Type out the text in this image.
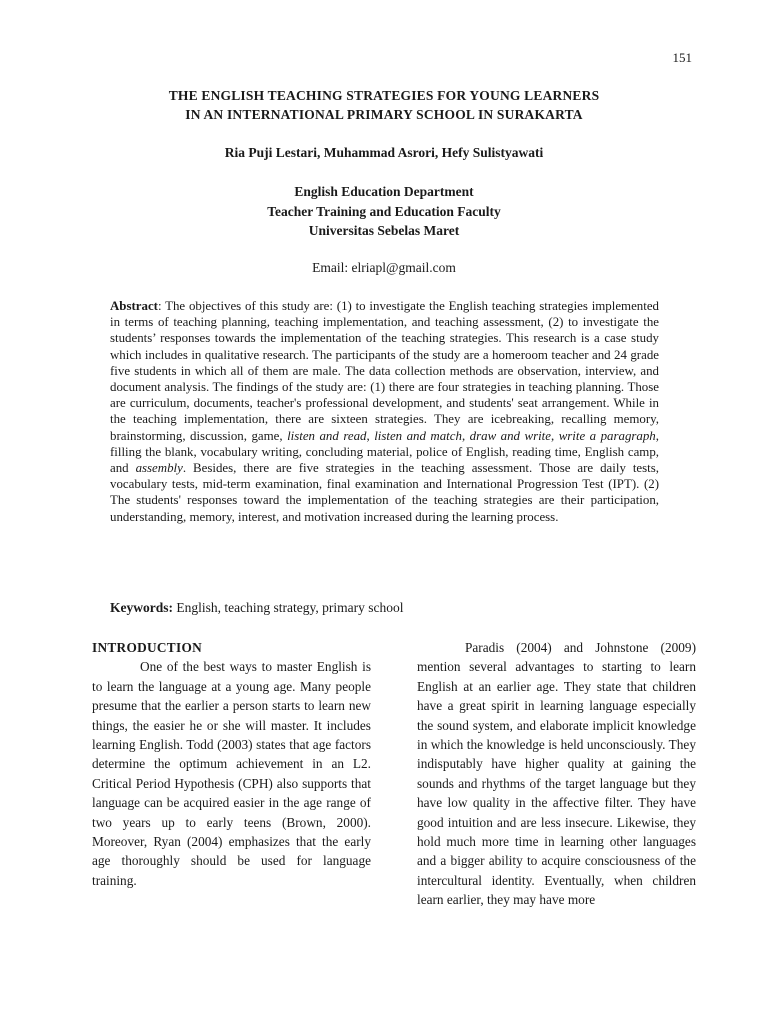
151
THE ENGLISH TEACHING STRATEGIES FOR YOUNG LEARNERS
IN AN INTERNATIONAL PRIMARY SCHOOL IN SURAKARTA
Ria Puji Lestari, Muhammad Asrori, Hefy Sulistyawati
English Education Department
Teacher Training and Education Faculty
Universitas Sebelas Maret
Email: elriapl@gmail.com
Abstract: The objectives of this study are: (1) to investigate the English teaching strategies implemented in terms of teaching planning, teaching implementation, and teaching assessment, (2) to investigate the students’ responses towards the implementation of the teaching strategies. This research is a case study which includes in qualitative research. The participants of the study are a homeroom teacher and 24 grade five students in which all of them are male. The data collection methods are observation, interview, and document analysis. The findings of the study are: (1) there are four strategies in teaching planning. Those are curriculum, documents, teacher's professional development, and students' seat arrangement. While in the teaching implementation, there are sixteen strategies. They are icebreaking, recalling memory, brainstorming, discussion, game, listen and read, listen and match, draw and write, write a paragraph, filling the blank, vocabulary writing, concluding material, police of English, reading time, English camp, and assembly. Besides, there are five strategies in the teaching assessment. Those are daily tests, vocabulary tests, mid-term examination, final examination and International Progression Test (IPT). (2) The students' responses toward the implementation of the teaching strategies are their participation, understanding, memory, interest, and motivation increased during the learning process.
Keywords: English, teaching strategy, primary school
INTRODUCTION

One of the best ways to master English is to learn the language at a young age. Many people presume that the earlier a person starts to learn new things, the easier he or she will master. It includes learning English. Todd (2003) states that age factors determine the optimum achievement in an L2. Critical Period Hypothesis (CPH) also supports that language can be acquired easier in the age range of two years up to early teens (Brown, 2000). Moreover, Ryan (2004) emphasizes that the early age thoroughly should be used for language training.

Paradis (2004) and Johnstone (2009) mention several advantages to starting to learn English at an earlier age. They state that children have a great spirit in learning language especially the sound system, and elaborate implicit knowledge in which the knowledge is held unconsciously. They indisputably have higher quality at gaining the sounds and rhythms of the target language but they have low quality in the affective filter. They have good intuition and are less insecure. Likewise, they hold much more time in learning other languages and a bigger ability to acquire consciousness of the intercultural identity. Eventually, when children learn earlier, they may have more
